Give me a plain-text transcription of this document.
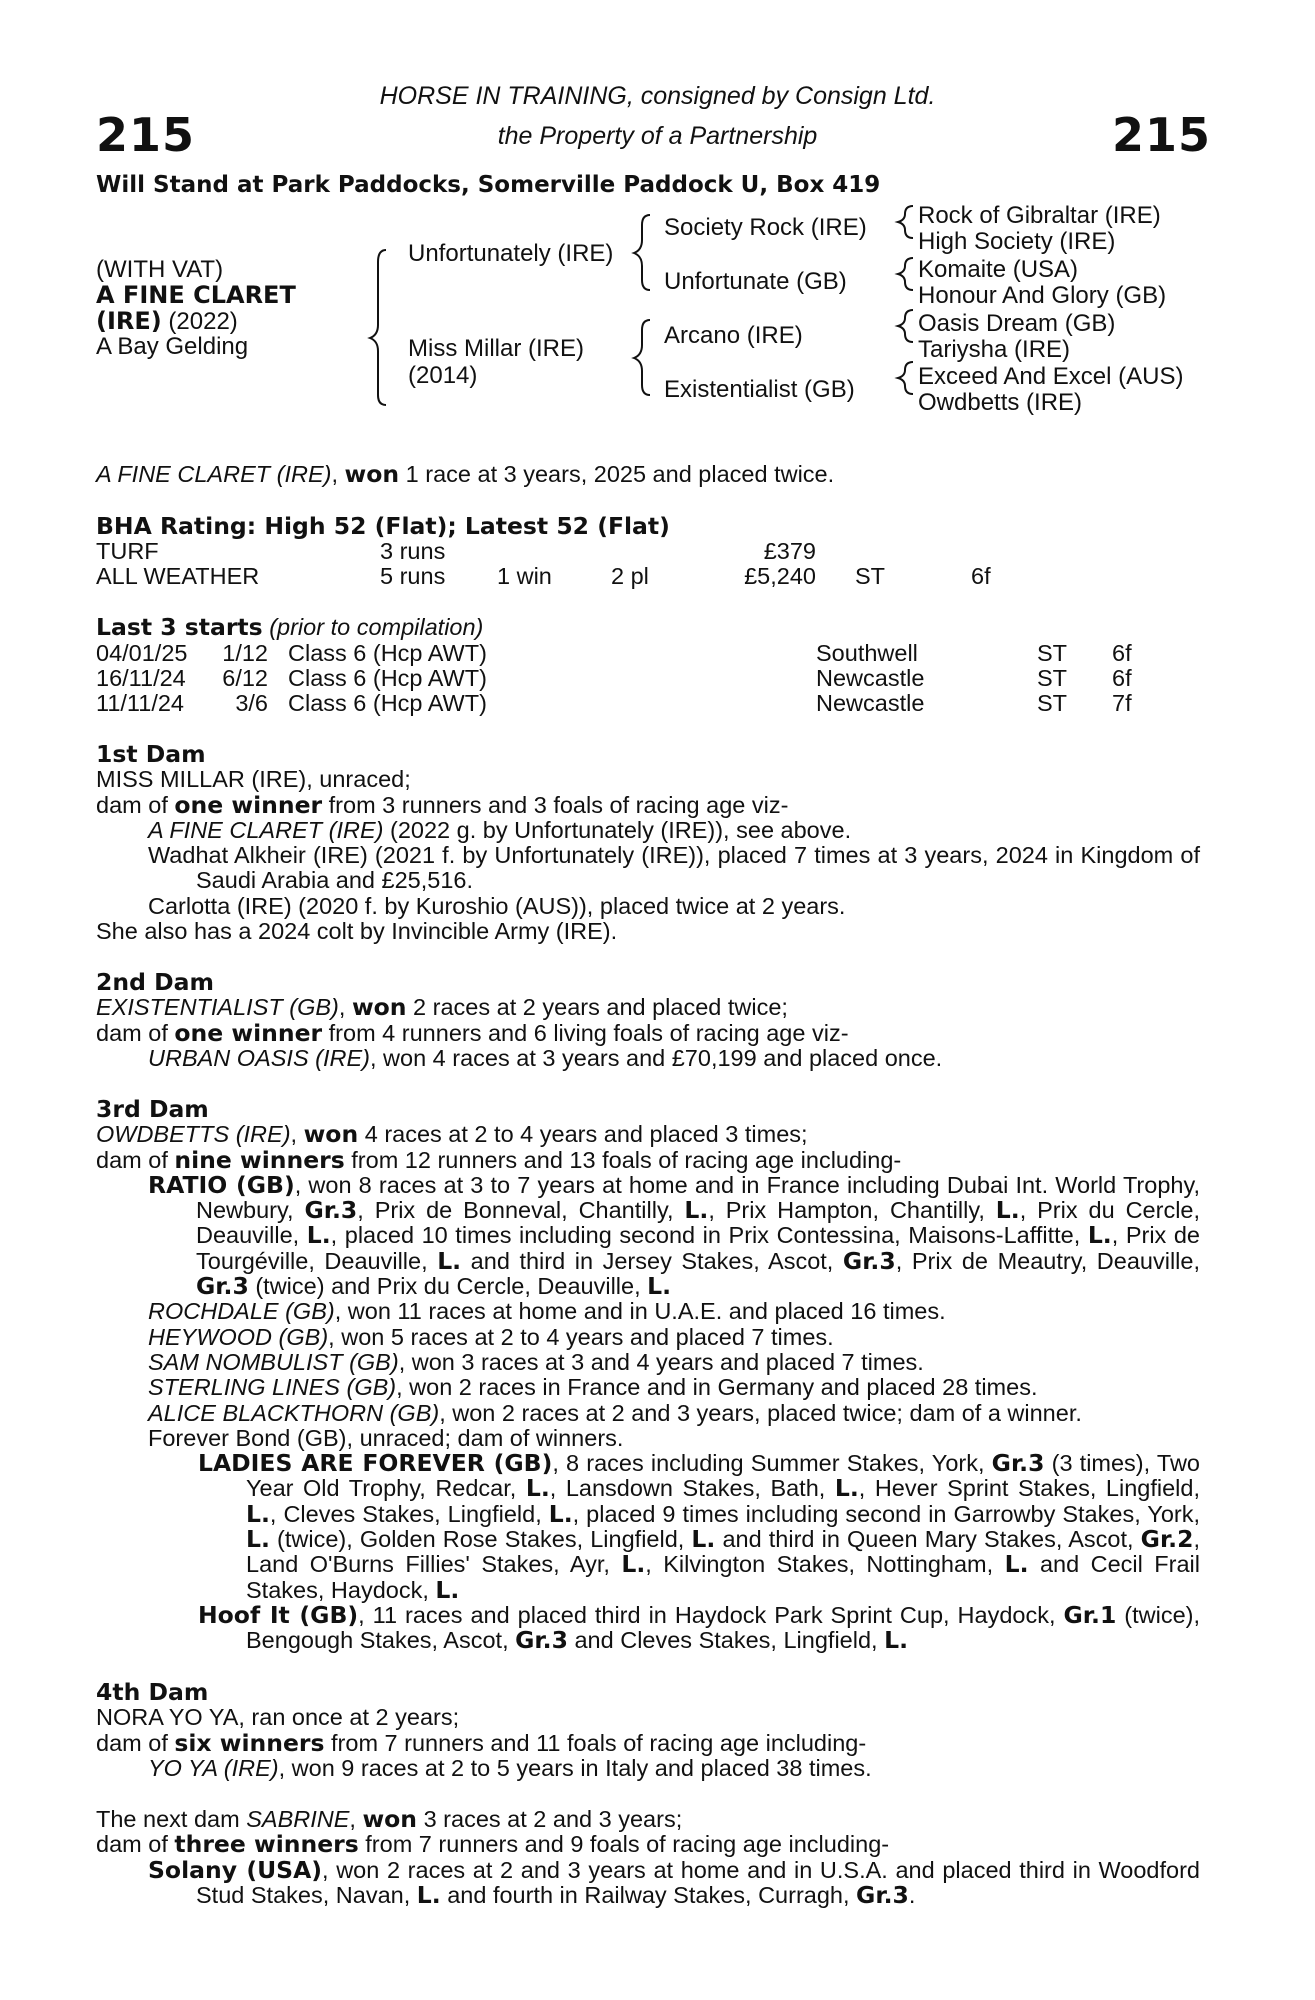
215	215
HORSE IN TRAINING, consigned by Consign Ltd.
the Property of a Partnership
Will Stand at Park Paddocks, Somerville Paddock U, Box 419
(WITH VAT)
A FINE CLARET
(IRE) (2022)
A Bay Gelding
Unfortunately (IRE)
Miss Millar (IRE)
(2014)
Society Rock (IRE)
Unfortunate (GB)
Arcano (IRE)
Existentialist (GB)
Rock of Gibraltar (IRE)
High Society (IRE)
Komaite (USA)
Honour And Glory (GB)
Oasis Dream (GB)
Tariysha (IRE)
Exceed And Excel (AUS)
Owdbetts (IRE)
A FINE CLARET (IRE), won 1 race at 3 years, 2025 and placed twice.
BHA Rating: High 52 (Flat); Latest 52 (Flat)
TURF	3 runs	£379
ALL WEATHER	5 runs 1 win	2 pl	£5,240 ST	6f
Last 3 starts (prior to compilation)
04/01/25	1/12 Class 6 (Hcp AWT)	Southwell	ST 6f
16/11/24	6/12 Class 6 (Hcp AWT)	Newcastle	ST 6f
11/11/24	3/6 Class 6 (Hcp AWT)	Newcastle	ST 7f

1st Dam

MISS MILLAR (IRE), unraced;

dam of one winner from 3 runners and 3 foals of racing age viz-

A FINE CLARET (IRE) (2022 g. by Unfortunately (IRE)), see above.

Wadhat Alkheir (IRE) (2021 f. by Unfortunately (IRE)), placed 7 times at 3 years, 2024 in Kingdom of Saudi Arabia and £25,516.

Carlotta (IRE) (2020 f. by Kuroshio (AUS)), placed twice at 2 years.

She also has a 2024 colt by Invincible Army (IRE).

2nd Dam

EXISTENTIALIST (GB), won 2 races at 2 years and placed twice;

dam of one winner from 4 runners and 6 living foals of racing age viz-

URBAN OASIS (IRE), won 4 races at 3 years and £70,199 and placed once.

3rd Dam

OWDBETTS (IRE), won 4 races at 2 to 4 years and placed 3 times;

dam of nine winners from 12 runners and 13 foals of racing age including-

RATIO (GB), won 8 races at 3 to 7 years at home and in France including Dubai Int. World Trophy, Newbury, Gr.3, Prix de Bonneval, Chantilly, L., Prix Hampton, Chantilly, L., Prix du Cercle, Deauville, L., placed 10 times including second in Prix Contessina, Maisons-Laffitte, L., Prix de Tourgéville, Deauville, L. and third in Jersey Stakes, Ascot, Gr.3, Prix de Meautry, Deauville, Gr.3 (twice) and Prix du Cercle, Deauville, L.

ROCHDALE (GB), won 11 races at home and in U.A.E. and placed 16 times.

HEYWOOD (GB), won 5 races at 2 to 4 years and placed 7 times.

SAM NOMBULIST (GB), won 3 races at 3 and 4 years and placed 7 times.

STERLING LINES (GB), won 2 races in France and in Germany and placed 28 times.

ALICE BLACKTHORN (GB), won 2 races at 2 and 3 years, placed twice; dam of a winner.

Forever Bond (GB), unraced; dam of winners.

LADIES ARE FOREVER (GB), 8 races including Summer Stakes, York, Gr.3 (3 times), Two Year Old Trophy, Redcar, L., Lansdown Stakes, Bath, L., Hever Sprint Stakes, Lingfield, L., Cleves Stakes, Lingfield, L., placed 9 times including second in Garrowby Stakes, York, L. (twice), Golden Rose Stakes, Lingfield, L. and third in Queen Mary Stakes, Ascot, Gr.2, Land O'Burns Fillies' Stakes, Ayr, L., Kilvington Stakes, Nottingham, L. and Cecil Frail Stakes, Haydock, L.

Hoof It (GB), 11 races and placed third in Haydock Park Sprint Cup, Haydock, Gr.1 (twice), Bengough Stakes, Ascot, Gr.3 and Cleves Stakes, Lingfield, L.

4th Dam

NORA YO YA, ran once at 2 years;

dam of six winners from 7 runners and 11 foals of racing age including-

YO YA (IRE), won 9 races at 2 to 5 years in Italy and placed 38 times.

The next dam SABRINE, won 3 races at 2 and 3 years;

dam of three winners from 7 runners and 9 foals of racing age including-

Solany (USA), won 2 races at 2 and 3 years at home and in U.S.A. and placed third in Woodford Stud Stakes, Navan, L. and fourth in Railway Stakes, Curragh, Gr.3.
